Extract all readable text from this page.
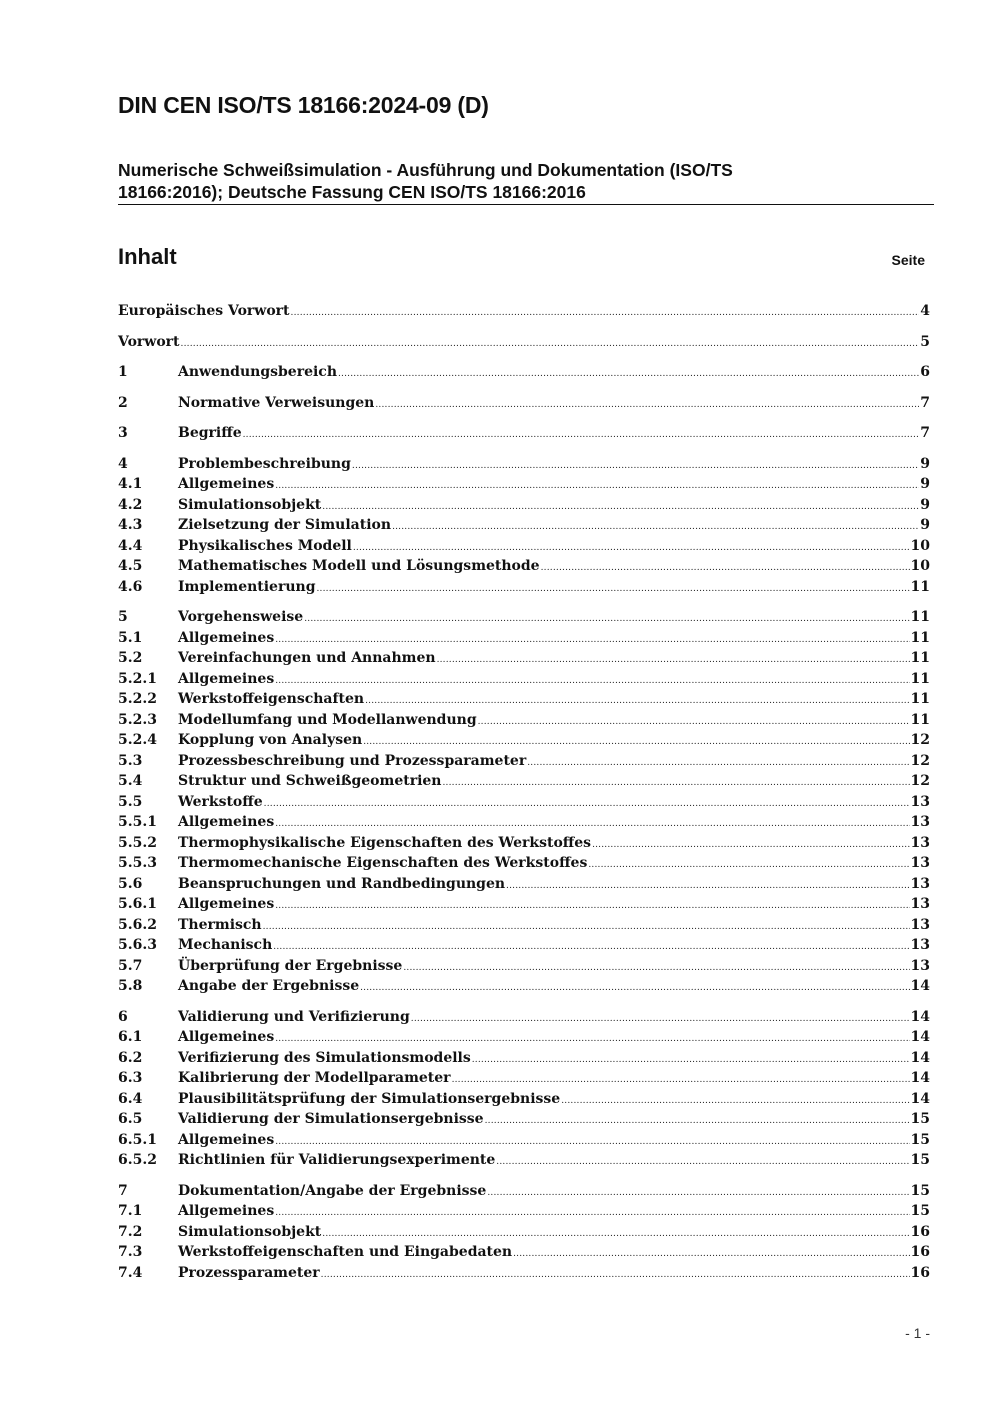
DIN CEN ISO/TS 18166:2024-09 (D)
Numerische Schweißsimulation - Ausführung und Dokumentation (ISO/TS
18166:2016); Deutsche Fassung CEN ISO/TS 18166:2016
Inhalt	Seite
Europäisches Vorwort .....	4
Vorwort .....	5
1	Anwendungsbereich .....	6
2	Normative Verweisungen .....	7
3	Begriffe .....	7
4	Problembeschreibung .....	9
4.1	Allgemeines .....	9
4.2	Simulationsobjekt .....	9
4.3	Zielsetzung der Simulation .....	9
4.4	Physikalisches Modell .....	10
4.5	Mathematisches Modell und Lösungsmethode .....	10
4.6	Implementierung .....	11
5	Vorgehensweise .....	11
5.1	Allgemeines .....	11
5.2	Vereinfachungen und Annahmen .....	11
5.2.1	Allgemeines .....	11
5.2.2	Werkstoffeigenschaften .....	11
5.2.3	Modellumfang und Modellanwendung .....	11
5.2.4	Kopplung von Analysen .....	12
5.3	Prozessbeschreibung und Prozessparameter .....	12
5.4	Struktur und Schweißgeometrien .....	12
5.5	Werkstoffe .....	13
5.5.1	Allgemeines .....	13
5.5.2	Thermophysikalische Eigenschaften des Werkstoffes .....	13
5.5.3	Thermomechanische Eigenschaften des Werkstoffes .....	13
5.6	Beanspruchungen und Randbedingungen .....	13
5.6.1	Allgemeines .....	13
5.6.2	Thermisch .....	13
5.6.3	Mechanisch .....	13
5.7	Überprüfung der Ergebnisse .....	13
5.8	Angabe der Ergebnisse .....	14
6	Validierung und Verifizierung .....	14
6.1	Allgemeines .....	14
6.2	Verifizierung des Simulationsmodells .....	14
6.3	Kalibrierung der Modellparameter .....	14
6.4	Plausibilitätsprüfung der Simulationsergebnisse .....	14
6.5	Validierung der Simulationsergebnisse .....	15
6.5.1	Allgemeines .....	15
6.5.2	Richtlinien für Validierungsexperimente .....	15
7	Dokumentation/Angabe der Ergebnisse .....	15
7.1	Allgemeines .....	15
7.2	Simulationsobjekt .....	16
7.3	Werkstoffeigenschaften und Eingabedaten .....	16
7.4	Prozessparameter .....	16
- 1 -
